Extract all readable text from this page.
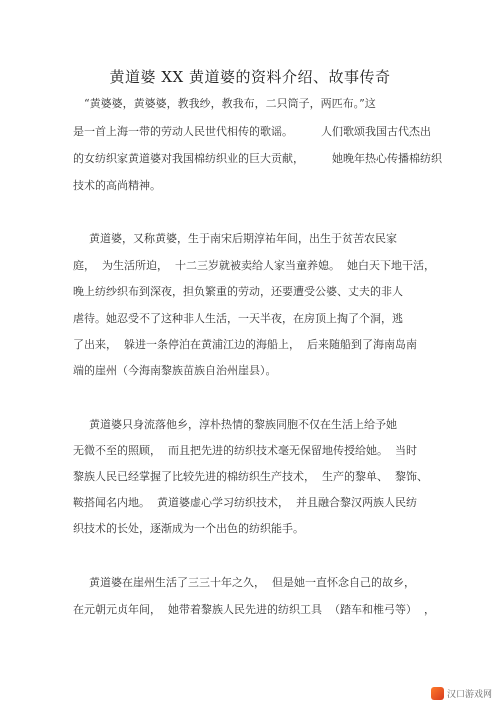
黄道婆 XX 黄道婆的资料介绍、故事传奇
“黄婆婆，黄婆婆，教我纱，教我布，二只筒子，两匹布。”这
是一首上海一带的劳动人民世代相传的歌谣。        人们歌颂我国古代杰出
的女纺织家黄道婆对我国棉纺织业的巨大贡献，        她晚年热心传播棉纺织
技术的高尚精神。
黄道婆，又称黄婆，生于南宋后期淳祐年间，出生于贫苦农民家
庭，  为生活所迫，  十二三岁就被卖给人家当童养媳。  她白天下地干活，
晚上纺纱织布到深夜，担负繁重的劳动，还要遭受公婆、丈夫的非人
虐待。她忍受不了这种非人生活，一天半夜，在房顶上掏了个洞，逃
了出来，  躲进一条停泊在黄浦江边的海船上，  后来随船到了海南岛南
端的崖州（今海南黎族苗族自治州崖县）。
黄道婆只身流落他乡，淳朴热情的黎族同胞不仅在生活上给予她
无微不至的照顾，  而且把先进的纺织技术毫无保留地传授给她。  当时
黎族人民已经掌握了比较先进的棉纺织生产技术，  生产的黎单、  黎饰、
鞍搭闻名内地。  黄道婆虚心学习纺织技术，  并且融合黎汉两族人民纺
织技术的长处，逐渐成为一个出色的纺织能手。
黄道婆在崖州生活了三三十年之久，  但是她一直怀念自己的故乡，
在元朝元贞年间，  她带着黎族人民先进的纺织工具  （踏车和椎弓等）  ，
汉口游戏网
